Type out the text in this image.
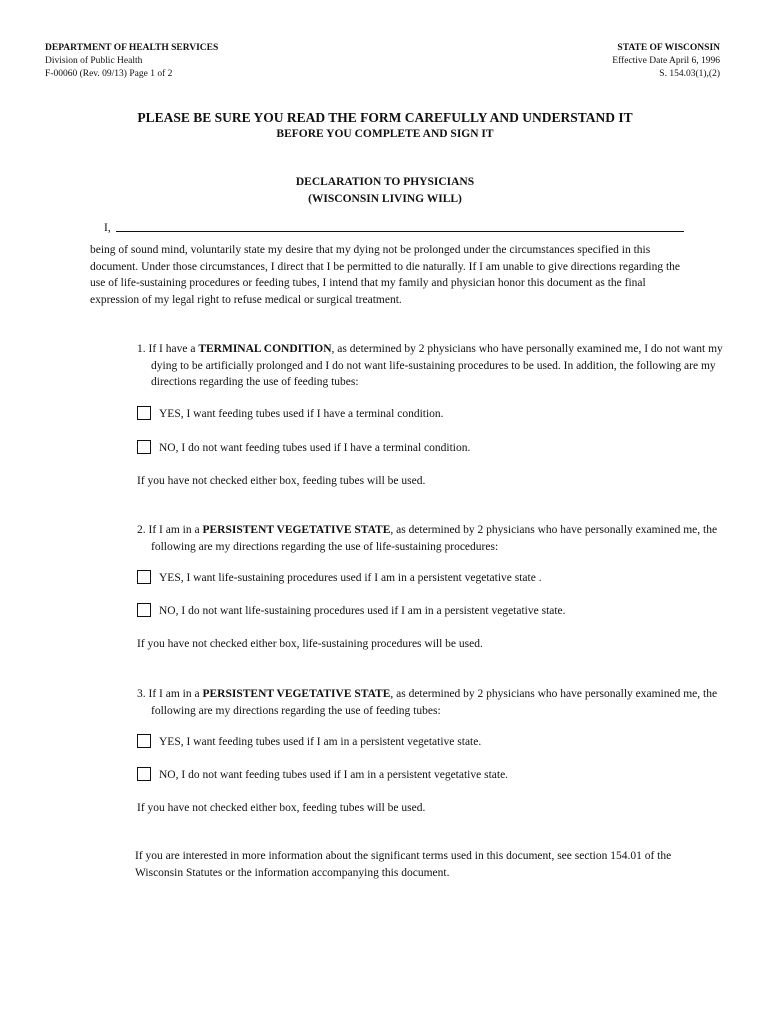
DEPARTMENT OF HEALTH SERVICES
Division of Public Health
F-00060 (Rev. 09/13) Page 1 of 2
STATE OF WISCONSIN
Effective Date April 6, 1996
S. 154.03(1),(2)
PLEASE BE SURE YOU READ THE FORM CAREFULLY AND UNDERSTAND IT
BEFORE YOU COMPLETE AND SIGN IT
DECLARATION TO PHYSICIANS
(WISCONSIN LIVING WILL)
I,
being of sound mind, voluntarily state my desire that my dying not be prolonged under the circumstances specified in this document. Under those circumstances, I direct that I be permitted to die naturally. If I am unable to give directions regarding the use of life-sustaining procedures or feeding tubes, I intend that my family and physician honor this document as the final expression of my legal right to refuse medical or surgical treatment.
1. If I have a TERMINAL CONDITION, as determined by 2 physicians who have personally examined me, I do not want my dying to be artificially prolonged and I do not want life-sustaining procedures to be used. In addition, the following are my directions regarding the use of feeding tubes:
YES, I want feeding tubes used if I have a terminal condition.
NO, I do not want feeding tubes used if I have a terminal condition.
If you have not checked either box, feeding tubes will be used.
2. If I am in a PERSISTENT VEGETATIVE STATE, as determined by 2 physicians who have personally examined me, the following are my directions regarding the use of life-sustaining procedures:
YES, I want life-sustaining procedures used if I am in a persistent vegetative state .
NO, I do not want life-sustaining procedures used if I am in a persistent vegetative state.
If you have not checked either box, life-sustaining procedures will be used.
3. If I am in a PERSISTENT VEGETATIVE STATE, as determined by 2 physicians who have personally examined me, the following are my directions regarding the use of feeding tubes:
YES, I want feeding tubes used if I am in a persistent vegetative state.
NO, I do not want feeding tubes used if I am in a persistent vegetative state.
If you have not checked either box, feeding tubes will be used.
If you are interested in more information about the significant terms used in this document, see section 154.01 of the Wisconsin Statutes or the information accompanying this document.
